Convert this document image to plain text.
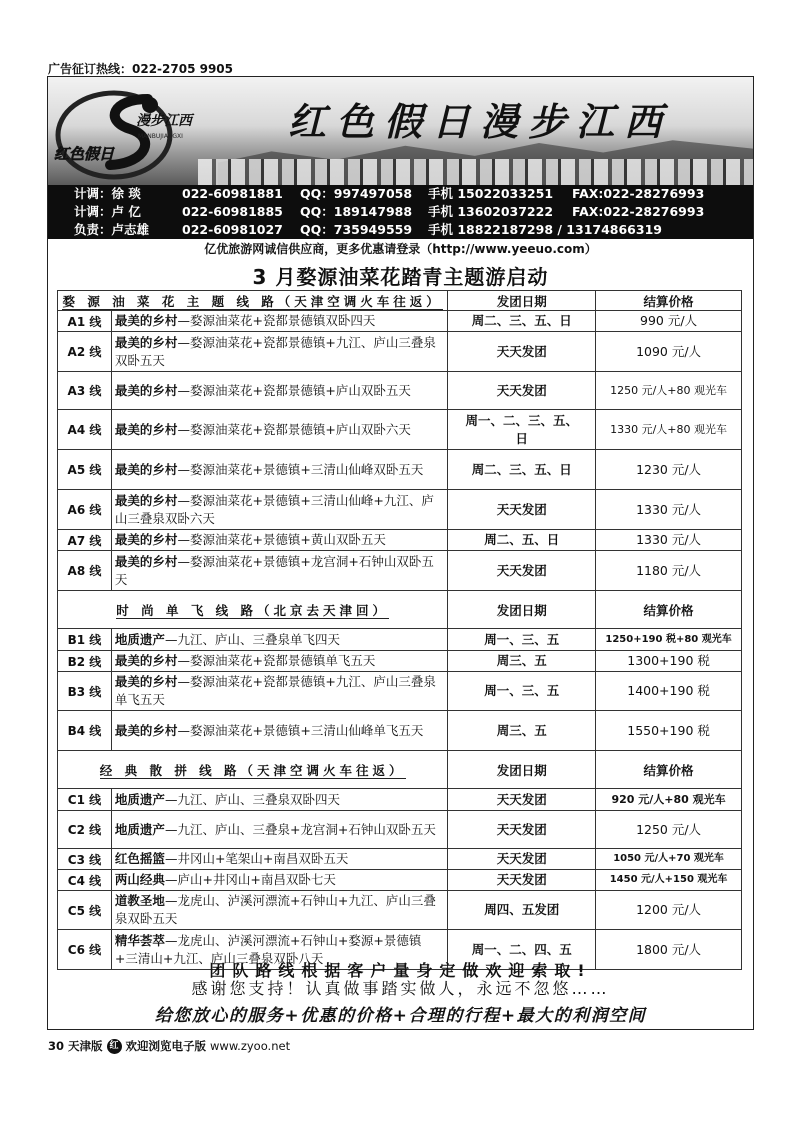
广告征订热线：022-2705 9905
漫步江西
MANBUJIANGXI
红色假日
红色假日漫步江西
计调：徐 琰	022-60981881	QQ：997497058	手机 15022033251	FAX:022-28276993
计调：卢 亿	022-60981885	QQ：189147988	手机 13602037222	FAX:022-28276993
负责：卢志雄	022-60981027	QQ：735949559	手机 18822187298 / 13174866319
亿优旅游网诚信供应商，更多优惠请登录（http://www.yeeuo.com）
3 月婺源油菜花踏青主题游启动
婺 源 油 菜 花 主 题 线 路（天津空调火车往返）		发团日期	结算价格
A1 线	最美的乡村—婺源油菜花+瓷都景德镇双卧四天	周二、三、五、日	990 元/人
A2 线	最美的乡村—婺源油菜花+瓷都景德镇+九江、庐山三叠泉双卧五天	天天发团	1090 元/人
A3 线	最美的乡村—婺源油菜花+瓷都景德镇+庐山双卧五天	天天发团	1250 元/人+80 观光车
A4 线	最美的乡村—婺源油菜花+瓷都景德镇+庐山双卧六天	周一、二、三、五、日	1330 元/人+80 观光车
A5 线	最美的乡村—婺源油菜花+景德镇+三清山仙峰双卧五天	周二、三、五、日	1230 元/人
A6 线	最美的乡村—婺源油菜花+景德镇+三清山仙峰+九江、庐山三叠泉双卧六天	天天发团	1330 元/人
A7 线	最美的乡村—婺源油菜花+景德镇+黄山双卧五天	周二、五、日	1330 元/人
A8 线	最美的乡村—婺源油菜花+景德镇+龙宫洞+石钟山双卧五天	天天发团	1180 元/人
时 尚 单 飞 线 路（北京去天津回）		发团日期	结算价格
B1 线	地质遗产—九江、庐山、三叠泉单飞四天	周一、三、五	1250+190 税+80 观光车
B2 线	最美的乡村—婺源油菜花+瓷都景德镇单飞五天	周三、五	1300+190 税
B3 线	最美的乡村—婺源油菜花+瓷都景德镇+九江、庐山三叠泉单飞五天	周一、三、五	1400+190 税
B4 线	最美的乡村—婺源油菜花+景德镇+三清山仙峰单飞五天	周三、五	1550+190 税
经 典 散 拼 线 路（天津空调火车往返）		发团日期	结算价格
C1 线	地质遗产—九江、庐山、三叠泉双卧四天	天天发团	920 元/人+80 观光车
C2 线	地质遗产—九江、庐山、三叠泉+龙宫洞+石钟山双卧五天	天天发团	1250 元/人
C3 线	红色摇篮—井冈山+笔架山+南昌双卧五天	天天发团	1050 元/人+70 观光车
C4 线	两山经典—庐山+井冈山+南昌双卧七天	天天发团	1450 元/人+150 观光车
C5 线	道教圣地—龙虎山、泸溪河漂流+石钟山+九江、庐山三叠泉双卧五天	周四、五发团	1200 元/人
C6 线	精华荟萃—龙虎山、泸溪河漂流+石钟山+婺源+景德镇+三清山+九江、庐山三叠泉双卧八天	周一、二、四、五	1800 元/人
团队路线根据客户量身定做欢迎索取!
感谢您支持！认真做事踏实做人，永远不忽悠……
给您放心的服务+优惠的价格+合理的行程+最大的利润空间
30 天津版 红 欢迎浏览电子版 www.zyoo.net
